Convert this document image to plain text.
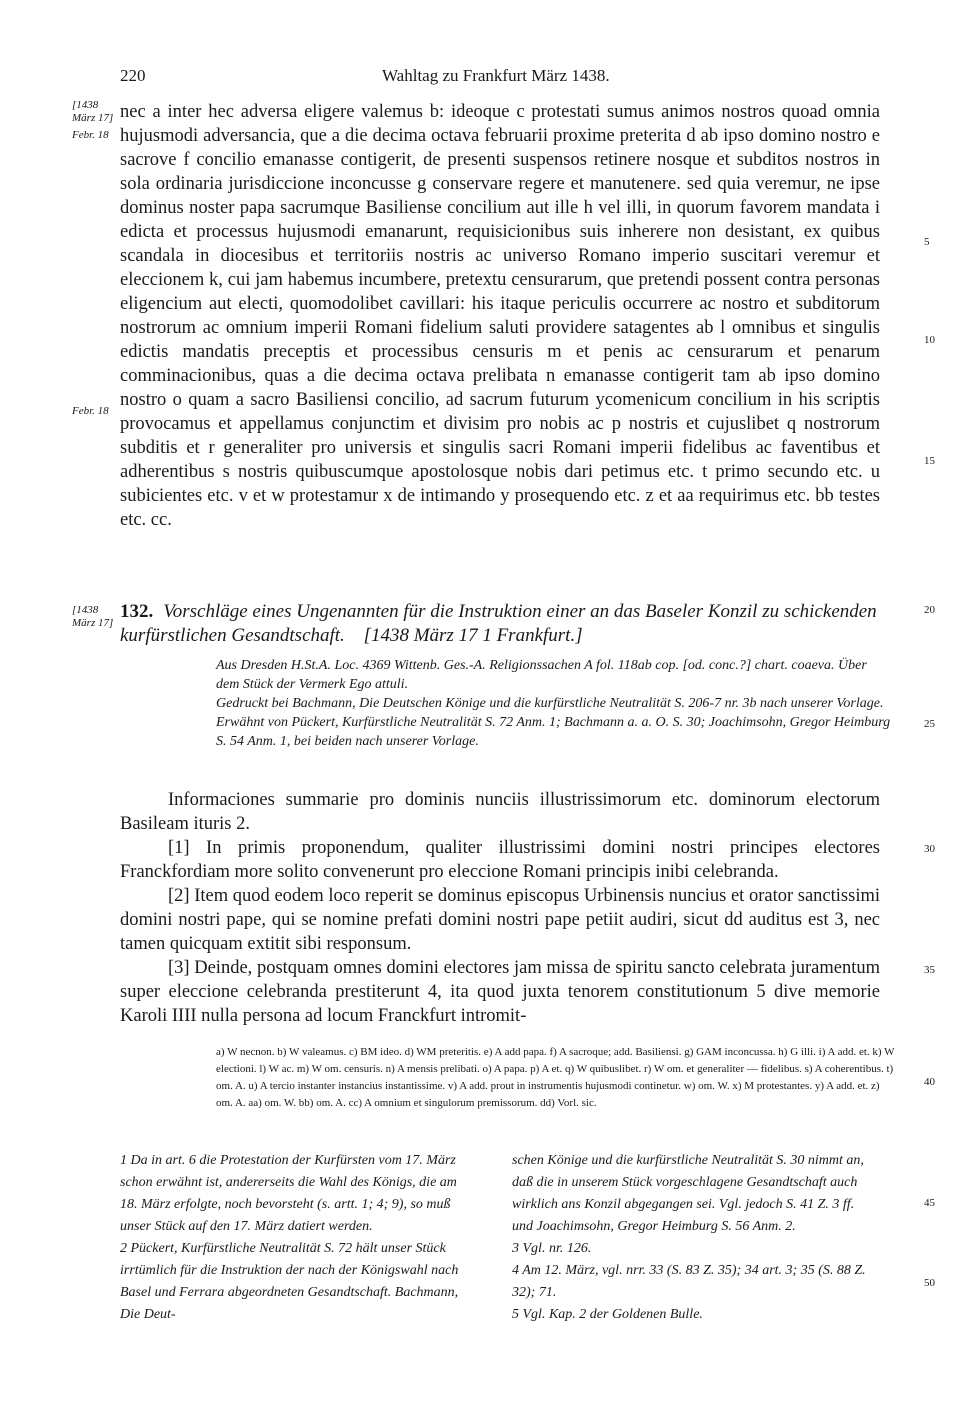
220	Wahltag zu Frankfurt März 1438.
[1438
März 17]
Febr. 18
Febr. 18
[1438
März 17]
5
10
15
20
25
30
35
40
45
50

nec a inter hec adversa eligere valemus b: ideoque c protestati sumus animos nostros quoad omnia hujusmodi adversancia, que a die decima octava februarii proxime preterita d ab ipso domino nostro e sacrove f concilio emanasse contigerit, de presenti suspensos retinere nosque et subditos nostros in sola ordinaria jurisdiccione inconcusse g conservare regere et manutenere. sed quia veremur, ne ipse dominus noster papa sacrumque Basiliense concilium aut ille h vel illi, in quorum favorem mandata i edicta et processus hujusmodi emanarunt, requisicionibus suis inherere non desistant, ex quibus scandala in diocesibus et territoriis nostris ac universo Romano imperio suscitari veremur et eleccionem k, cui jam habemus incumbere, pretextu censurarum, que pretendi possent contra personas eligencium aut electi, quomodolibet cavillari: his itaque periculis occurrere ac nostro et subditorum nostrorum ac omnium imperii Romani fidelium saluti providere satagentes ab l omnibus et singulis edictis mandatis preceptis et processibus censuris m et penis ac censurarum et penarum comminacionibus, quas a die decima octava prelibata n emanasse contigerit tam ab ipso domino nostro o quam a sacro Basiliensi concilio, ad sacrum futurum ycomenicum concilium in his scriptis provocamus et appellamus conjunctim et divisim pro nobis ac p nostris et cujuslibet q nostrorum subditis et r generaliter pro universis et singulis sacri Romani imperii fidelibus ac faventibus et adherentibus s nostris quibuscumque apostolosque nobis dari petimus etc. t primo secundo etc. u subicientes etc. v et w protestamur x de intimando y prosequendo etc. z et aa requirimus etc. bb testes etc. cc.

132. Vorschläge eines Ungenannten für die Instruktion einer an das Baseler Konzil zu schickenden kurfürstlichen Gesandtschaft. [1438 März 17 1 Frankfurt.]

Aus Dresden H.St.A. Loc. 4369 Wittenb. Ges.-A. Religionssachen A fol. 118ab cop. [od. conc.?] chart. coaeva. Über dem Stück der Vermerk Ego attuli.

Gedruckt bei Bachmann, Die Deutschen Könige und die kurfürstliche Neutralität S. 206-7 nr. 3b nach unserer Vorlage.

Erwähnt von Pückert, Kurfürstliche Neutralität S. 72 Anm. 1; Bachmann a. a. O. S. 30; Joachimsohn, Gregor Heimburg S. 54 Anm. 1, bei beiden nach unserer Vorlage.

Informaciones summarie pro dominis nunciis illustrissimorum etc. dominorum electorum Basileam ituris 2.

[1] In primis proponendum, qualiter illustrissimi domini nostri principes electores Franckfordiam more solito convenerunt pro eleccione Romani principis inibi celebranda.

[2] Item quod eodem loco reperit se dominus episcopus Urbinensis nuncius et orator sanctissimi domini nostri pape, qui se nomine prefati domini nostri pape petiit audiri, sicut dd auditus est 3, nec tamen quicquam extitit sibi responsum.

[3] Deinde, postquam omnes domini electores jam missa de spiritu sancto celebrata juramentum super eleccione celebranda prestiterunt 4, ita quod juxta tenorem constitutionum 5 dive memorie Karoli IIII nulla persona ad locum Franckfurt intromit-

a) W necnon. b) W valeamus. c) BM ideo. d) WM preteritis. e) A add papa. f) A sacroque; add. Basiliensi. g) GAM inconcussa. h) G illi. i) A add. et. k) W electioni. l) W ac. m) W om. censuris. n) A mensis prelibati. o) A papa. p) A et. q) W quibuslibet. r) W om. et generaliter — fidelibus. s) A coherentibus. t) om. A. u) A tercio instanter instancius instantissime. v) A add. prout in instrumentis hujusmodi continetur. w) om. W. x) M protestantes. y) A add. et. z) om. A. aa) om. W. bb) om. A. cc) A omnium et singulorum premissorum. dd) Vorl. sic.

1 Da in art. 6 die Protestation der Kurfürsten vom 17. März schon erwähnt ist, andererseits die Wahl des Königs, die am 18. März erfolgte, noch bevorsteht (s. artt. 1; 4; 9), so muß unser Stück auf den 17. März datiert werden.

2 Pückert, Kurfürstliche Neutralität S. 72 hält unser Stück irrtümlich für die Instruktion der nach der Königswahl nach Basel und Ferrara abgeordneten Gesandtschaft. Bachmann, Die Deut-

schen Könige und die kurfürstliche Neutralität S. 30 nimmt an, daß die in unserem Stück vorgeschlagene Gesandtschaft auch wirklich ans Konzil abgegangen sei. Vgl. jedoch S. 41 Z. 3 ff. und Joachimsohn, Gregor Heimburg S. 56 Anm. 2.

3 Vgl. nr. 126.

4 Am 12. März, vgl. nrr. 33 (S. 83 Z. 35); 34 art. 3; 35 (S. 88 Z. 32); 71.

5 Vgl. Kap. 2 der Goldenen Bulle.
